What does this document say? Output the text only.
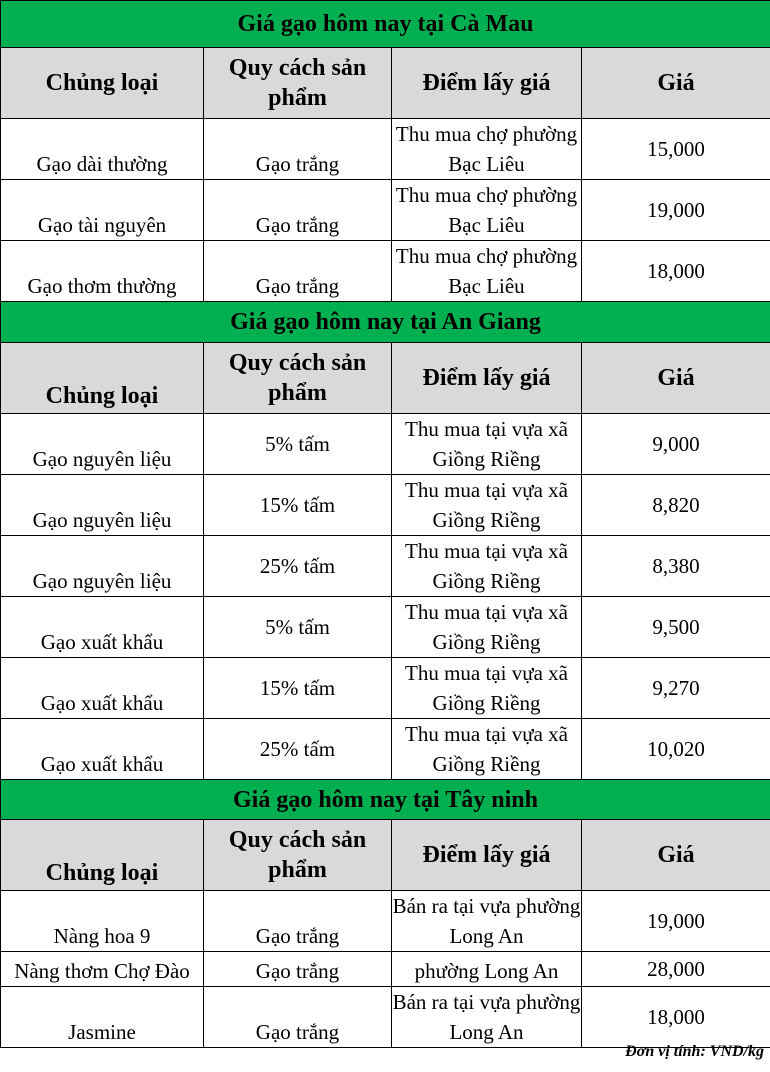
Giá gạo hôm nay tại Cà Mau			
Chủng loại	Quy cách sản phẩm	Điểm lấy giá	Giá
Gạo dài thường	Gạo trắng	Thu mua chợ phường Bạc Liêu	15,000
Gạo tài nguyên	Gạo trắng	Thu mua chợ phường Bạc Liêu	19,000
Gạo thơm thường	Gạo trắng	Thu mua chợ phường Bạc Liêu	18,000
Giá gạo hôm nay tại An Giang			
Chủng loại	Quy cách sản phẩm	Điểm lấy giá	Giá
Gạo nguyên liệu	5% tấm	Thu mua tại vựa xã Giồng Riềng	9,000
Gạo nguyên liệu	15% tấm	Thu mua tại vựa xã Giồng Riềng	8,820
Gạo nguyên liệu	25% tấm	Thu mua tại vựa xã Giồng Riềng	8,380
Gạo xuất khẩu	5% tấm	Thu mua tại vựa xã Giồng Riềng	9,500
Gạo xuất khẩu	15% tấm	Thu mua tại vựa xã Giồng Riềng	9,270
Gạo xuất khẩu	25% tấm	Thu mua tại vựa xã Giồng Riềng	10,020
Giá gạo hôm nay tại Tây ninh			
Chủng loại	Quy cách sản phẩm	Điểm lấy giá	Giá
Nàng hoa 9	Gạo trắng	Bán ra tại vựa phường Long An	19,000
Nàng thơm Chợ Đào	Gạo trắng	phường Long An	28,000
Jasmine	Gạo trắng	Bán ra tại vựa phường Long An	18,000
Đơn vị tính: VND/kg
